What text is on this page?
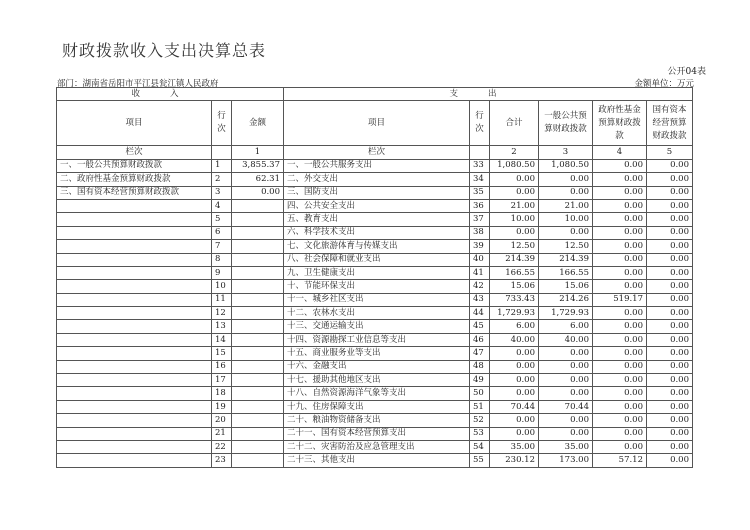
财政拨款收入支出决算总表
公开04表
部门：湖南省岳阳市平江县瓮江镇人民政府	金额单位：万元
收入			支出					
项目	行次	金额	项目	行次	合计	一般公共预算财政拨款	政府性基金预算财政拨款	国有资本经营预算财政拨款
栏次		1	栏次		2	3	4	5
一、一般公共预算财政拨款	1	3,855.37	一、一般公共服务支出	33	1,080.50	1,080.50	0.00	0.00
二、政府性基金预算财政拨款	2	62.31	二、外交支出	34	0.00	0.00	0.00	0.00
三、国有资本经营预算财政拨款	3	0.00	三、国防支出	35	0.00	0.00	0.00	0.00
	4		四、公共安全支出	36	21.00	21.00	0.00	0.00
	5		五、教育支出	37	10.00	10.00	0.00	0.00
	6		六、科学技术支出	38	0.00	0.00	0.00	0.00
	7		七、文化旅游体育与传媒支出	39	12.50	12.50	0.00	0.00
	8		八、社会保障和就业支出	40	214.39	214.39	0.00	0.00
	9		九、卫生健康支出	41	166.55	166.55	0.00	0.00
	10		十、节能环保支出	42	15.06	15.06	0.00	0.00
	11		十一、城乡社区支出	43	733.43	214.26	519.17	0.00
	12		十二、农林水支出	44	1,729.93	1,729.93	0.00	0.00
	13		十三、交通运输支出	45	6.00	6.00	0.00	0.00
	14		十四、资源勘探工业信息等支出	46	40.00	40.00	0.00	0.00
	15		十五、商业服务业等支出	47	0.00	0.00	0.00	0.00
	16		十六、金融支出	48	0.00	0.00	0.00	0.00
	17		十七、援助其他地区支出	49	0.00	0.00	0.00	0.00
	18		十八、自然资源海洋气象等支出	50	0.00	0.00	0.00	0.00
	19		十九、住房保障支出	51	70.44	70.44	0.00	0.00
	20		二十、粮油物资储备支出	52	0.00	0.00	0.00	0.00
	21		二十一、国有资本经营预算支出	53	0.00	0.00	0.00	0.00
	22		二十二、灾害防治及应急管理支出	54	35.00	35.00	0.00	0.00
	23		二十三、其他支出	55	230.12	173.00	57.12	0.00
